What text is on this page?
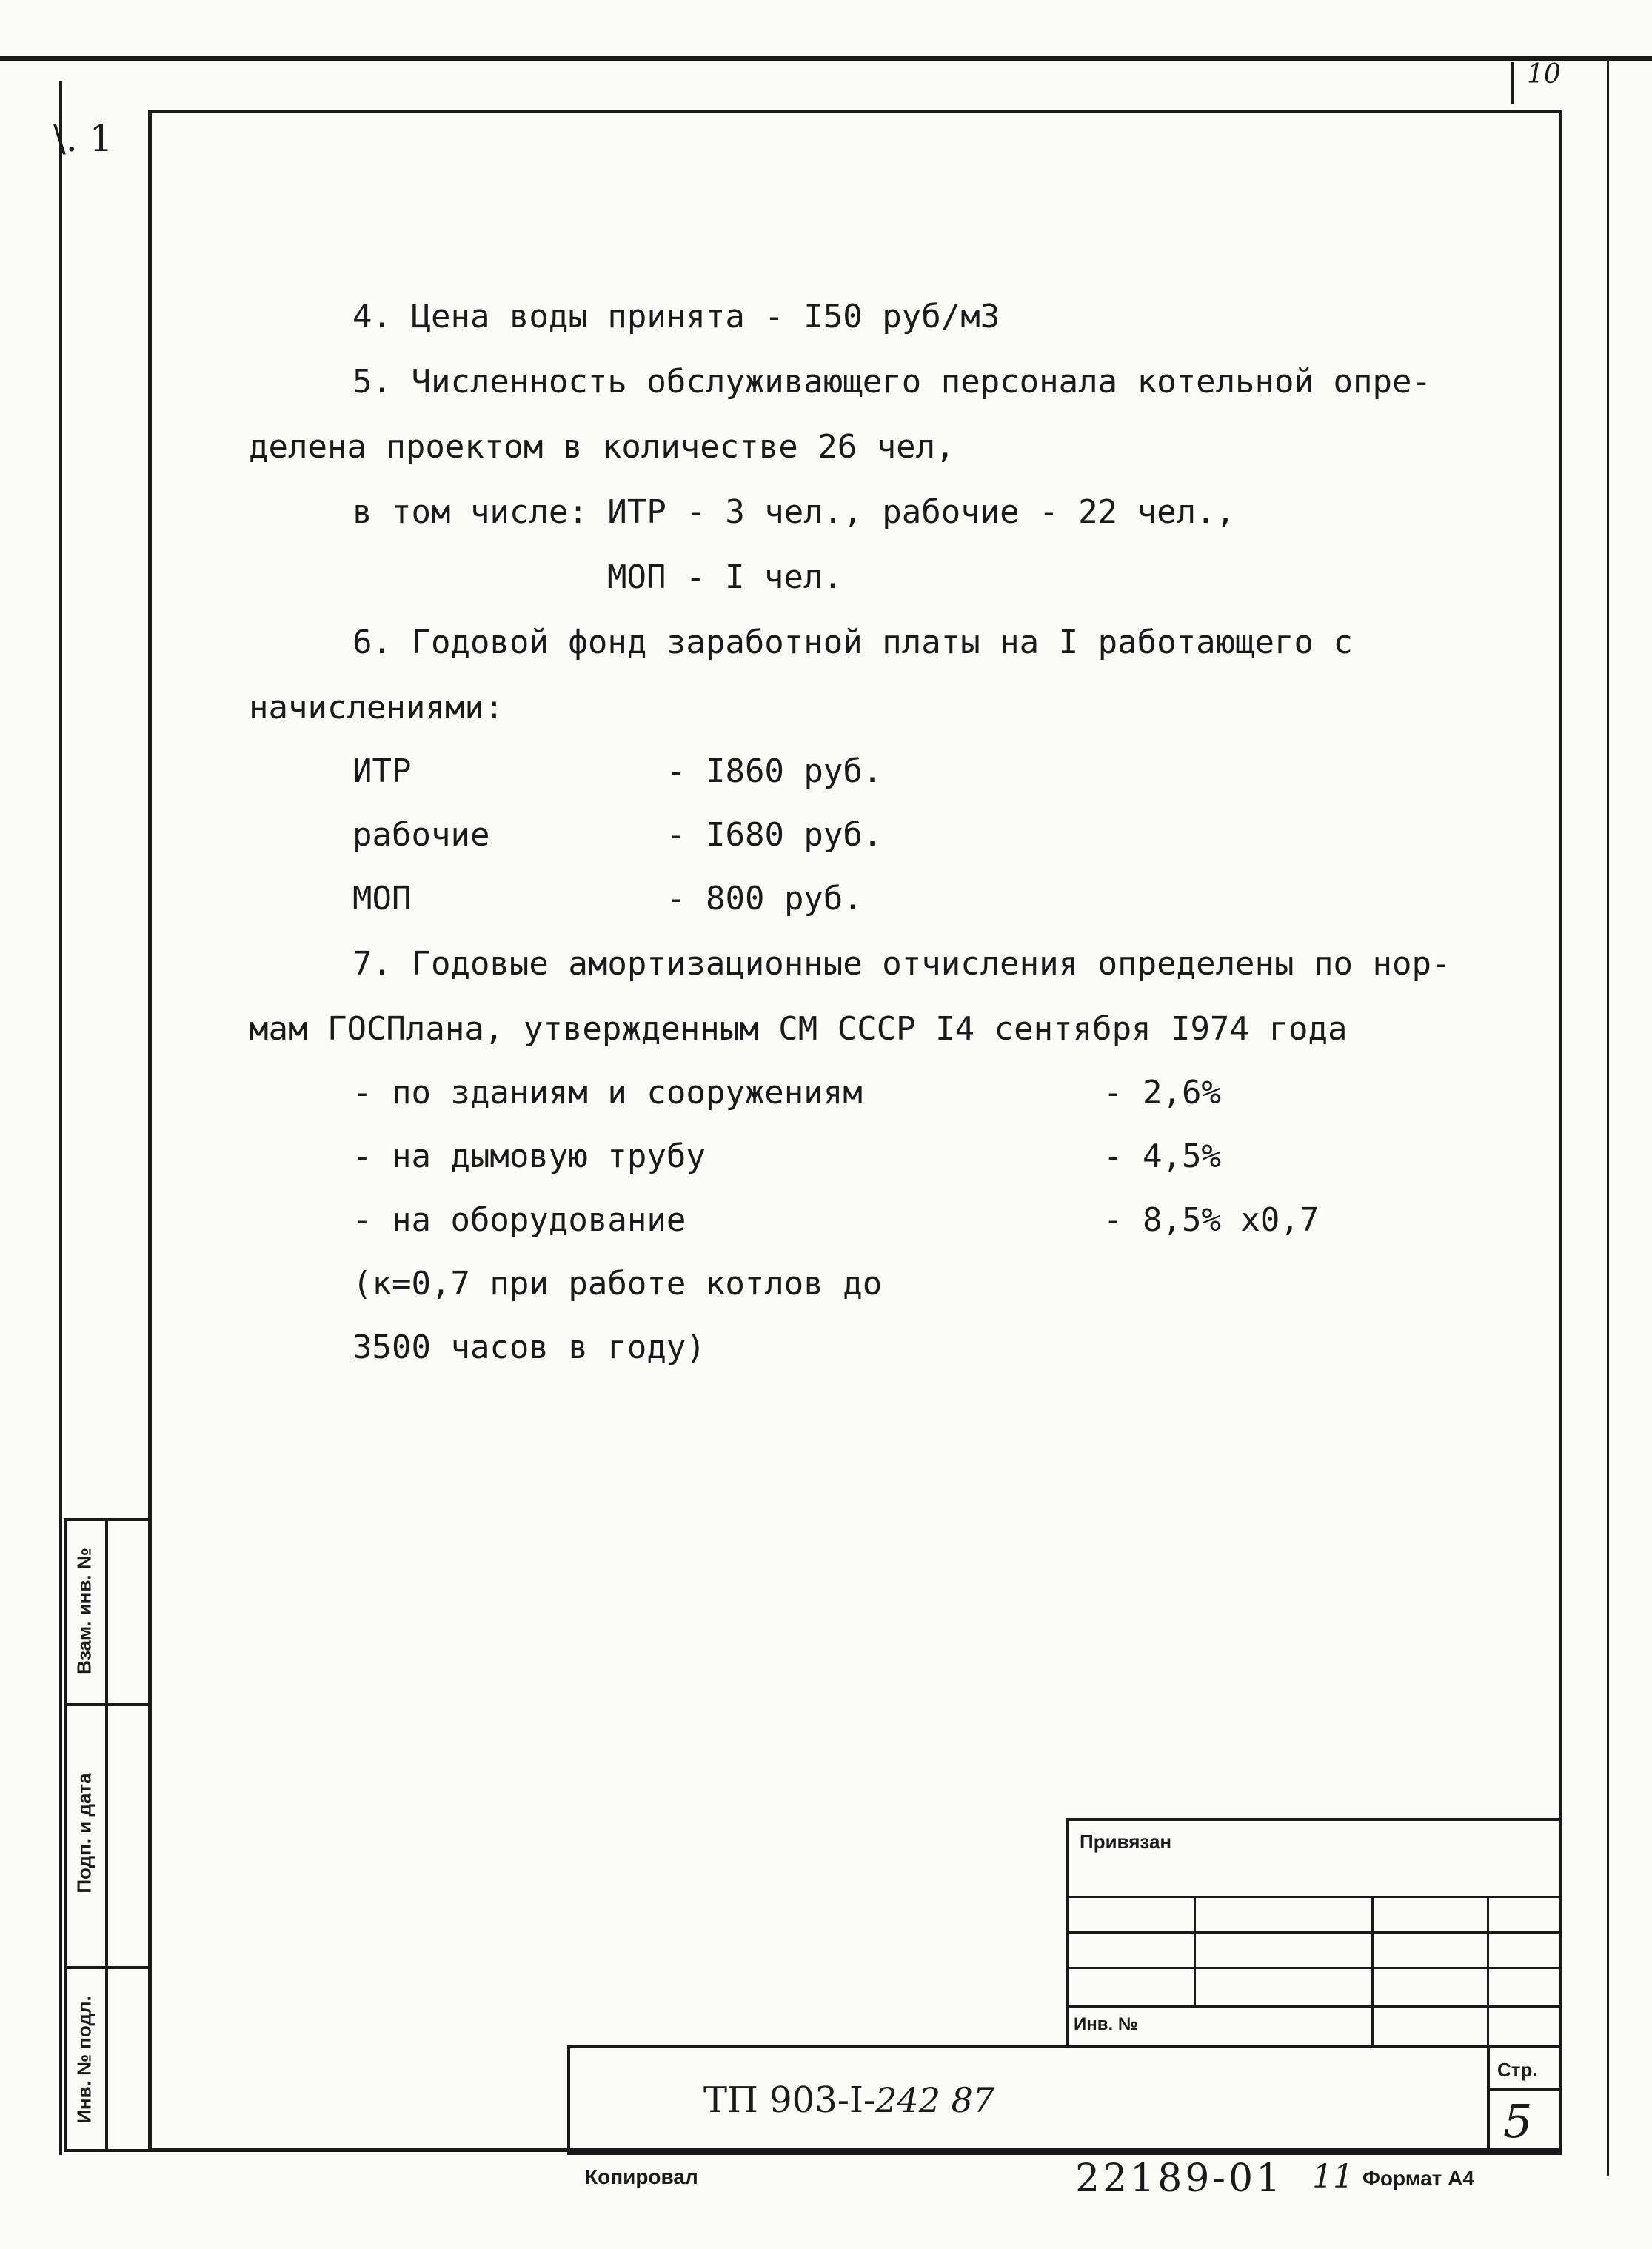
\. 1
10
4. Цена воды принята - I50 руб/м3
5. Численность обслуживающего персонала котельной опре-
делена проектом в количестве 26 чел,
в том числе: ИТР - 3 чел., рабочие - 22 чел.,
МОП - I чел.
6. Годовой фонд заработной платы на I работающего с
начислениями:
ИТР	- I860 руб.
рабочие	- I680 руб.
МОП	- 800 руб.
7. Годовые амортизационные отчисления определены по нор-
мам ГОСПлана, утвержденным СМ СССР I4 сентября I974 года
- по зданиям и сооружениям	- 2,6%
- на дымовую трубу	- 4,5%
- на оборудование	- 8,5% х0,7
(к=0,7 при работе котлов до
3500 часов в году)
Взам. инв. №
Подп. и дата
Инв. № подл.
Привязан
Инв. №
Стр.
5
ТП 903-I-242 87
Копировал	22189-01 11 Формат А4
